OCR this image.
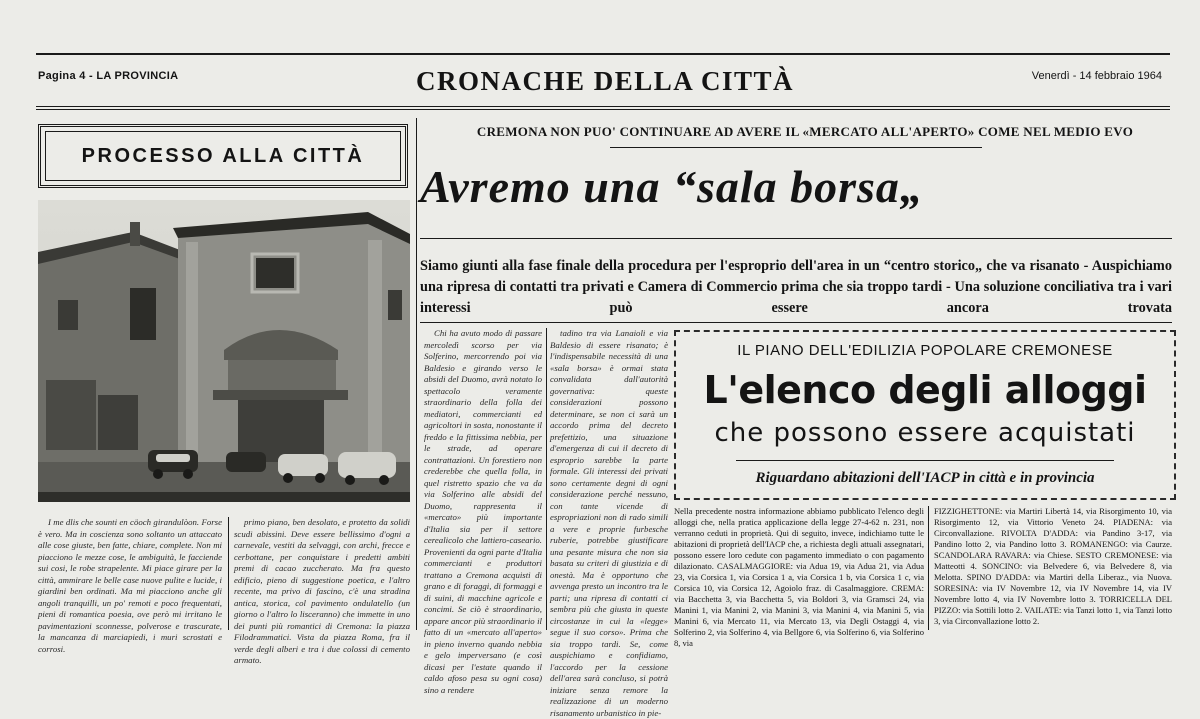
Pagina 4 - LA PROVINCIA	CRONACHE DELLA CITTÀ	Venerdì - 14 febbraio 1964
PROCESSO ALLA CITTÀ

I me dlis che sounti en cöoch girandulòon. Forse è vero. Ma in coscienza sono soltanto un attaccato alle cose giuste, ben fatte, chiare, complete. Non mi piacciono le mezze cose, le ambiguità, le facciende sui cosi, le robe strapelente. Mi piace girare per la città, ammirare le belle case nuove pulite e lucide, i giardini ben ordinati. Ma mi piacciono anche gli angoli tranquilli, un po' remoti e poco frequentati, pieni di romantica poesia, ove però mi irritano le pavimentazioni sconnesse, polverose e trascurate, la mancanza di marciapiedi, i muri scrostati e corrosi.

primo piano, ben desolato, e protetto da solidi scudi abissini. Deve essere bellissimo d'ogni a carnevale, vestiti da selvaggi, con archi, frecce e cerbottane, per conquistare i predetti ambiti premi di cacao zuccherato. Ma fra questo edificio, pieno di suggestione poetica, e l'altro recente, ma privo di fascino, c'è una stradina antica, storica, col pavimento ondulatello (un giorno o l'altro lo lisceranno) che immette in uno dei punti più romantici di Cremona: la piazza Filodrammatici. Vista da piazza Roma, fra il verde degli alberi e tra i due colossi di cemento armato.

CREMONA NON PUO' CONTINUARE AD AVERE IL «MERCATO ALL'APERTO» COME NEL MEDIO EVO
Avremo una “sala borsa„
Siamo giunti alla fase finale della procedura per l'esproprio dell'area in un “centro storico„ che va risanato - Auspichiamo una ripresa di contatti tra privati e Camera di Commercio prima che sia troppo tardi - Una soluzione conciliativa tra i vari interessi può essere ancora trovata

Chi ha avuto modo di passare mercoledì scorso per via Solferino, mercorrendo poi via Baldesio e girando verso le absidi del Duomo, avrà notato lo spettacolo veramente straordinario della folla dei mediatori, commercianti ed agricoltori in sosta, nonostante il freddo e la fittissima nebbia, per le strade, ad operare contrattazioni. Un forestiero non crederebbe che quella folla, in quel ristretto spazio che va da via Solferino alle absidi del Duomo, rappresenta il «mercato» più importante d'Italia sia per il settore cerealicolo che lattiero-caseario. Provenienti da ogni parte d'Italia commercianti e produttori trattano a Cremona acquisti di grano e di foraggi, di formaggi e di suini, di macchine agricole e concimi. Se ciò è straordinario, appare ancor più straordinario il fatto di un «mercato all'aperto» in pieno inverno quando nebbia e gelo imperversano (e così dicasi per l'estate quando il caldo afoso pesa su ogni cosa) sino a rendere

tadino tra via Lanaioli e via Baldesio di essere risanato; è l'indispensabile necessità di una «sala borsa» è ormai stata convalidata dall'autorità governativa: queste considerazioni possono determinare, se non ci sarà un accordo prima del decreto prefettizio, una situazione d'emergenza di cui il decreto di esproprio sarebbe la parte formale. Gli interessi dei privati sono certamente degni di ogni considerazione perché nessuno, con tante vicende di espropriazioni non di rado simili a vere e proprie furbesche ruberie, potrebbe giustificare una pesante misura che non sia basata su criteri di giustizia e di onestà. Ma è opportuno che avvenga presto un incontro tra le parti; una ripresa di contatti ci sembra più che giusta in queste circostanze in cui la «legge» segue il suo corso». Prima che sia troppo tardi. Se, come auspichiamo e confidiamo, l'accordo per la cessione dell'area sarà concluso, si potrà iniziare senza remore la realizzazione di un moderno risanamento urbanistico in pie-

IL PIANO DELL'EDILIZIA POPOLARE CREMONESE
L'elenco degli alloggi
che possono essere acquistati
Riguardano abitazioni dell'IACP in città e in provincia

Nella precedente nostra informazione abbiamo pubblicato l'elenco degli alloggi che, nella pratica applicazione della legge 27-4-62 n. 231, non verranno ceduti in proprietà. Qui di seguito, invece, indichiamo tutte le abitazioni di proprietà dell'IACP che, a richiesta degli attuali assegnatari, possono essere loro cedute con pagamento immediato o con pagamento dilazionato. CASALMAGGIORE: via Adua 19, via Adua 21, via Adua 23, via Corsica 1, via Corsica 1 a, via Corsica 1 b, via Corsica 1 c, via Corsica 10, via Corsica 12, Agoiolo fraz. di Casalmaggiore. CREMA: via Bacchetta 3, via Bacchetta 5, via Boldori 3, via Gramsci 24, via Manini 1, via Manini 2, via Manini 3, via Manini 4, via Manini 5, via Manini 6, via Mercato 11, via Mercato 13, via Degli Ostaggi 4, via Solferino 2, via Solferino 4, via Bellgore 6, via Solferino 6, via Solferino 8, via

FIZZIGHETTONE: via Martiri Libertà 14, via Risorgimento 10, via Risorgimento 12, via Vittorio Veneto 24. PIADENA: via Circonvallazione. RIVOLTA D'ADDA: via Pandino 3-17, via Pandino lotto 2, via Pandino lotto 3. ROMANENGO: via Caurze. SCANDOLARA RAVARA: via Chiese. SESTO CREMONESE: via Matteotti 4. SONCINO: via Belvedere 6, via Belvedere 8, via Melotta. SPINO D'ADDA: via Martiri della Liberaz., via Nuova. SORESINA: via IV Novembre 12, via IV Novembre 14, via IV Novembre lotto 4, via IV Novembre lotto 3. TORRICELLA DEL PIZZO: via Sottili lotto 2. VAILATE: via Tanzi lotto 1, via Tanzi lotto 3, via Circonvallazione lotto 2.
